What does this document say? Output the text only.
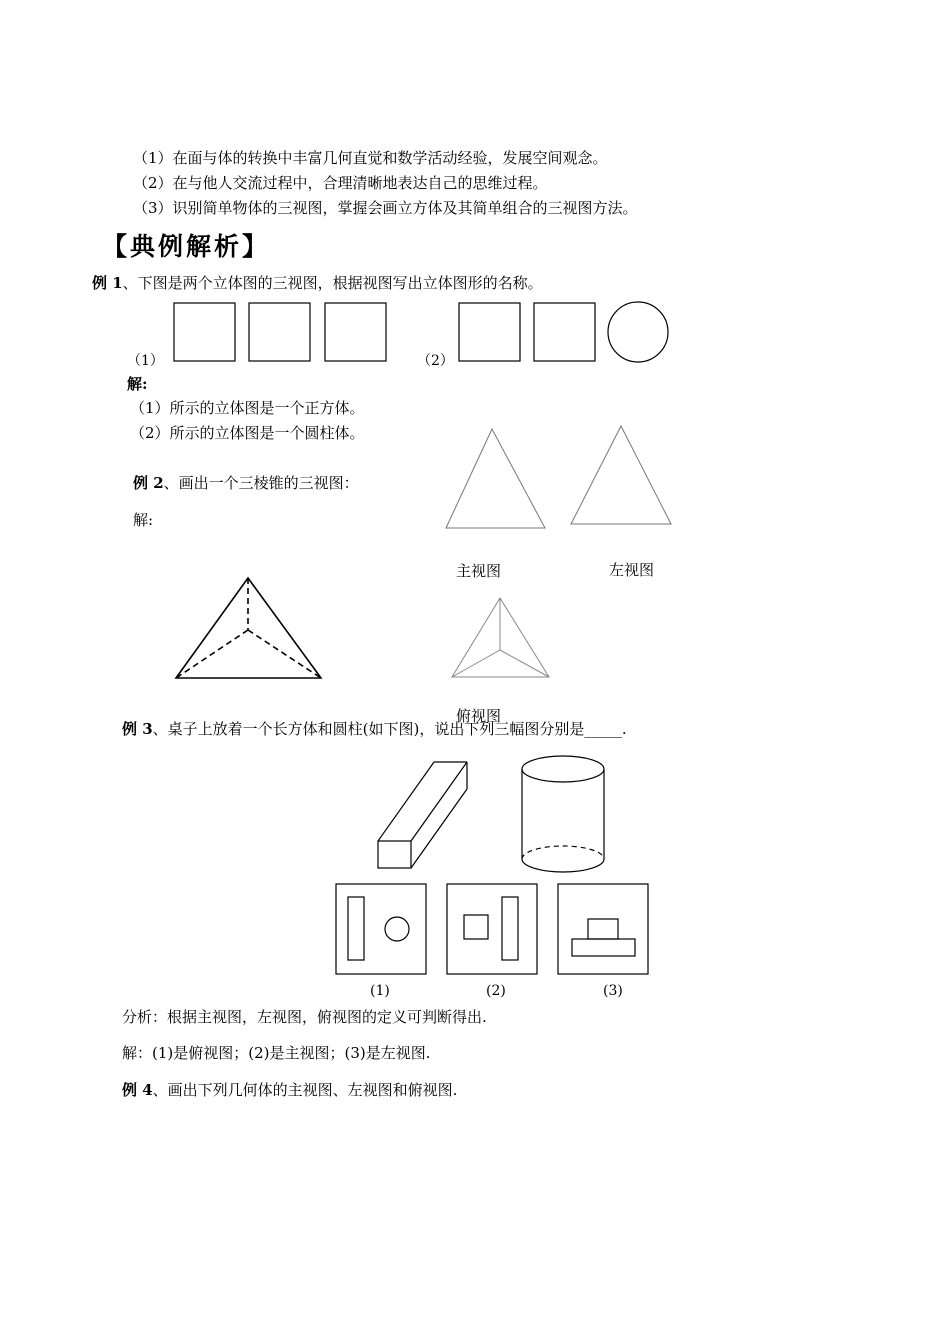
（1）在面与体的转换中丰富几何直觉和数学活动经验，发展空间观念。
（2）在与他人交流过程中，合理清晰地表达自己的思维过程。
（3）识别简单物体的三视图，掌握会画立方体及其简单组合的三视图方法。
【典例解析】
例 1、下图是两个立体图的三视图，根据视图写出立体图形的名称。
（1）	（2）
解:
（1）所示的立体图是一个正方体。
（2）所示的立体图是一个圆柱体。
例 2、画出一个三棱锥的三视图：
解:
主视图	左视图
俯视图
例 3、桌子上放着一个长方体和圆柱(如下图)，说出下列三幅图分别是_____.
(1)	(2)	(3)
分析：根据主视图，左视图，俯视图的定义可判断得出.
解：(1)是俯视图；(2)是主视图；(3)是左视图.
例 4、画出下列几何体的主视图、左视图和俯视图.
